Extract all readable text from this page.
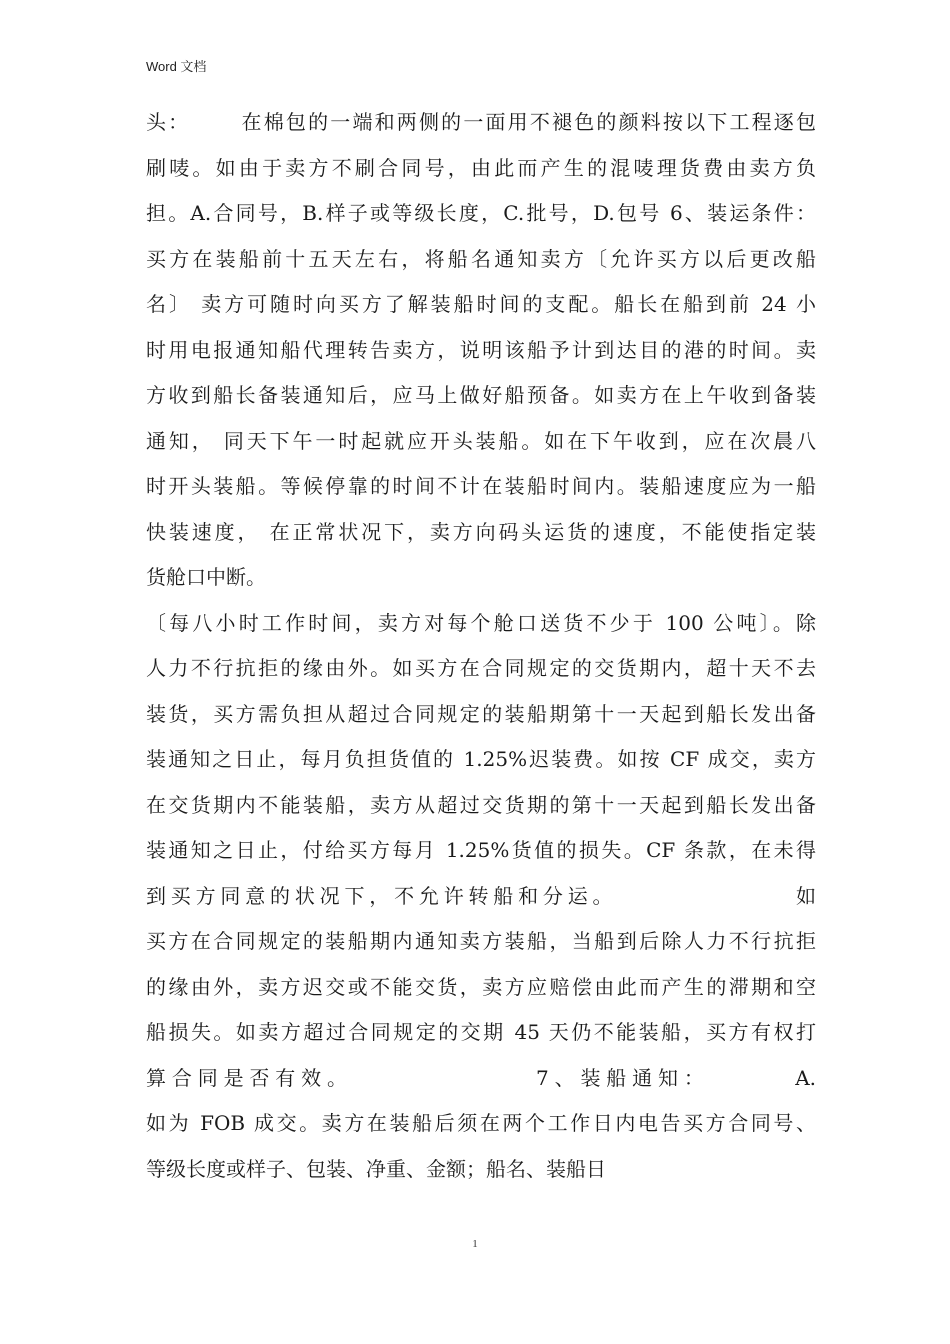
Word 文档
头：      在棉包的一端和两侧的一面用不褪色的颜料按以下工程逐包
刷唛。如由于卖方不刷合同号，由此而产生的混唛理货费由卖方负
担。A.合同号，B.样子或等级长度，C.批号，D.包号 6、装运条件：
买方在装船前十五天左右，将船名通知卖方〔允许买方以后更改船
名〕 卖方可随时向买方了解装船时间的支配。船长在船到前 24 小
时用电报通知船代理转告卖方，说明该船予计到达目的港的时间。卖
方收到船长备装通知后，应马上做好船预备。如卖方在上午收到备装
通知， 同天下午一时起就应开头装船。如在下午收到，应在次晨八
时开头装船。等候停靠的时间不计在装船时间内。装船速度应为一船
快装速度， 在正常状况下，卖方向码头运货的速度，不能使指定装
货舱口中断。
〔每八小时工作时间，卖方对每个舱口送货不少于 100 公吨〕。除
人力不行抗拒的缘由外。如买方在合同规定的交货期内，超十天不去
装货，买方需负担从超过合同规定的装船期第十一天起到船长发出备
装通知之日止，每月负担货值的 1.25%迟装费。如按 CF 成交，卖方
在交货期内不能装船，卖方从超过交货期的第十一天起到船长发出备
装通知之日止，付给买方每月 1.25%货值的损失。CF 条款，在未得
到买方同意的状况下，不允许转船和分运。                如
买方在合同规定的装船期内通知卖方装船，当船到后除人力不行抗拒
的缘由外，卖方迟交或不能交货，卖方应赔偿由此而产生的滞期和空
船损失。如卖方超过合同规定的交期 45 天仍不能装船，买方有权打
算合同是否有效。               7、装船通知：       A.
如为 FOB 成交。卖方在装船后须在两个工作日内电告买方合同号、
等级长度或样子、包装、净重、金额；船名、装船日
1
